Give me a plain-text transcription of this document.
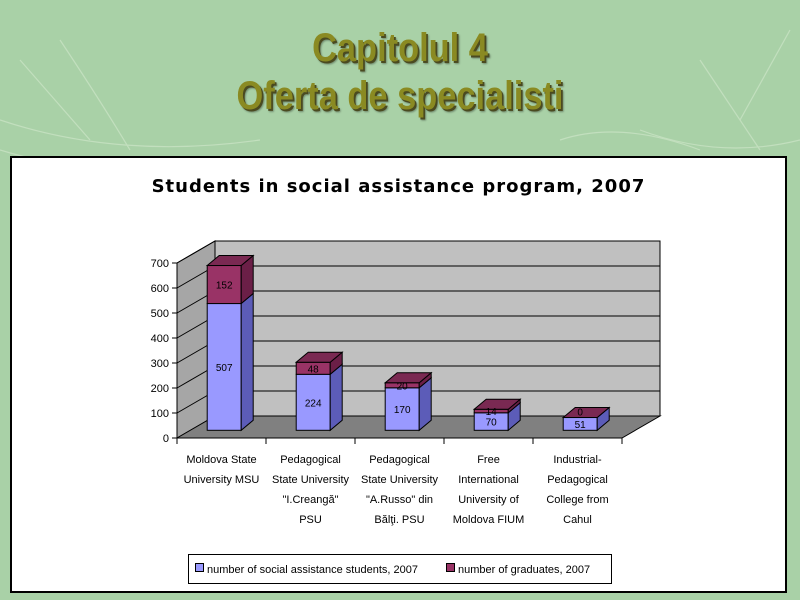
Capitolul 4
Oferta de specialisti
Students in social assistance program, 2007
0
100
200
300
400
500
600
700
507
152
224
48
170
20
70
14
51
0
Moldova State
University MSU
Pedagogical
State University
"I.Creangă"
PSU
Pedagogical
State University
"A.Russo" din
Bălţi. PSU
Free
International
University of
Moldova FIUM
Industrial-
Pedagogical
College from
Cahul
number of social assistance students, 2007	number of graduates, 2007
